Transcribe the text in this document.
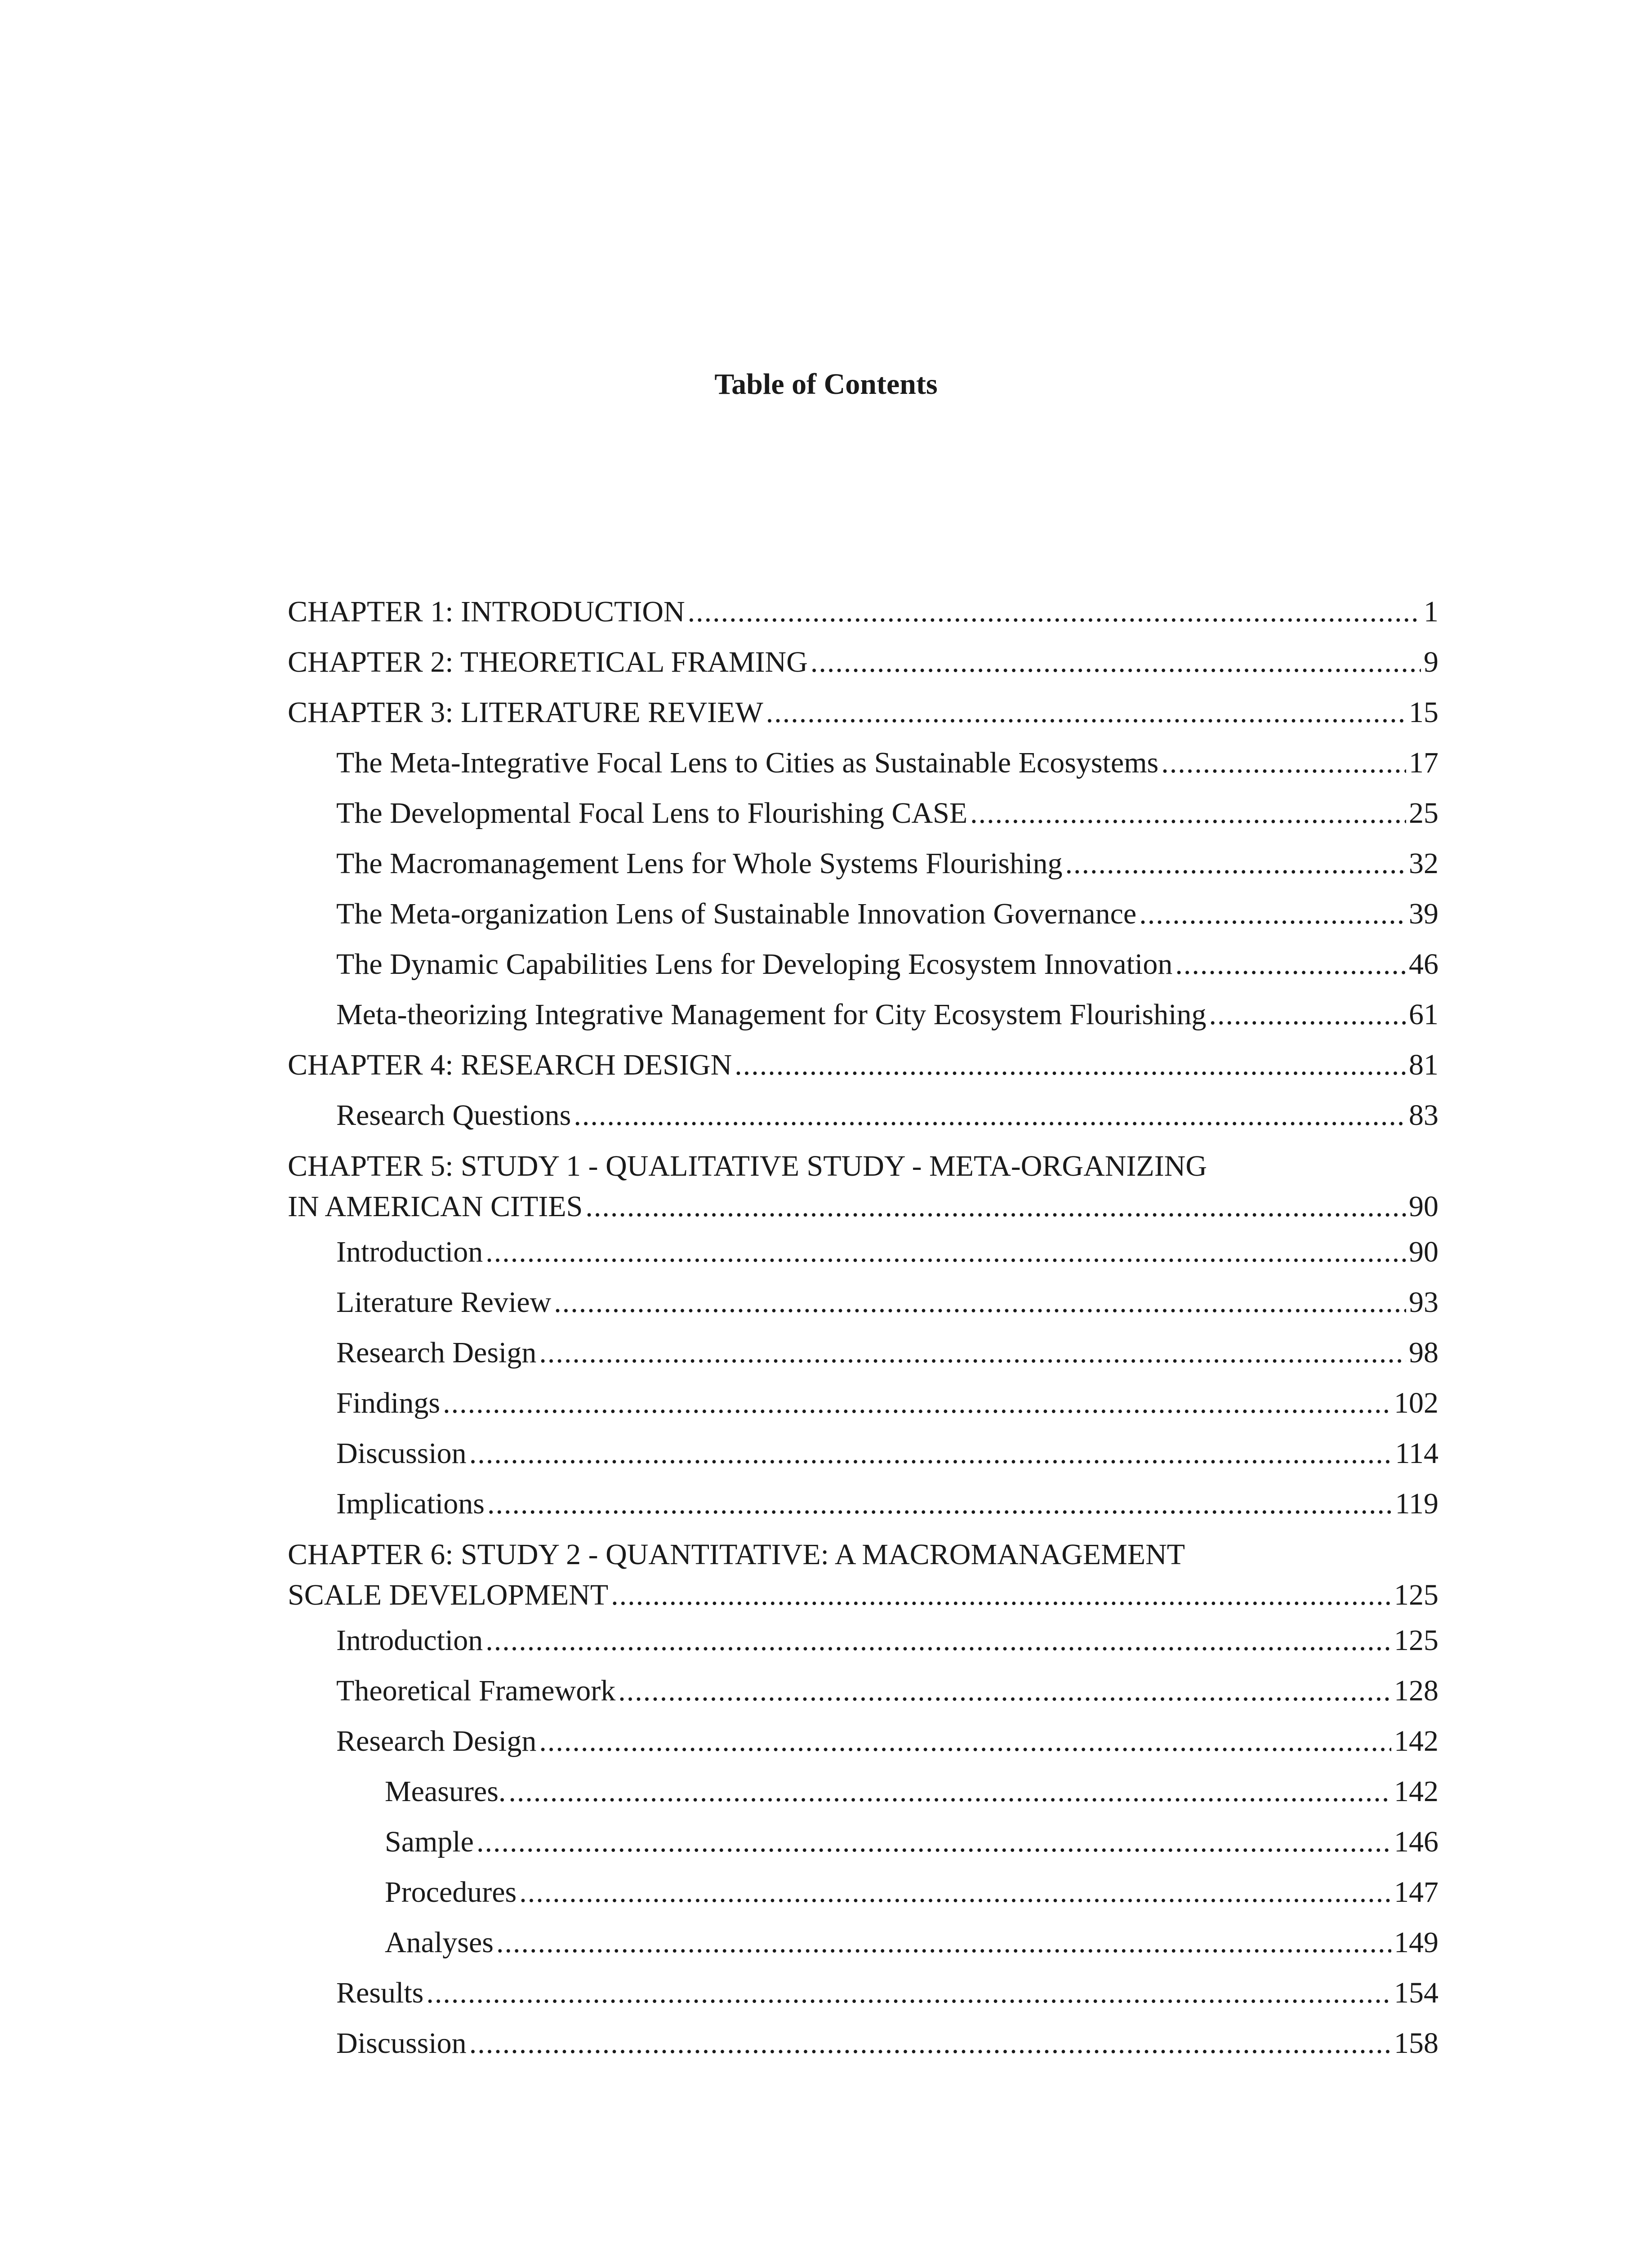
Table of Contents
CHAPTER 1: INTRODUCTION .....	1
CHAPTER 2: THEORETICAL FRAMING .....	9
CHAPTER 3: LITERATURE REVIEW .....	15
The Meta-Integrative Focal Lens to Cities as Sustainable Ecosystems .....	17
The Developmental Focal Lens to Flourishing CASE .....	25
The Macromanagement Lens for Whole Systems Flourishing .....	32
The Meta-organization Lens of Sustainable Innovation Governance .....	39
The Dynamic Capabilities Lens for Developing Ecosystem Innovation .....	46
Meta-theorizing Integrative Management for City Ecosystem Flourishing .....	61
CHAPTER 4: RESEARCH DESIGN .....	81
Research Questions .....	83
CHAPTER 5: STUDY 1 - QUALITATIVE STUDY - META-ORGANIZING
IN AMERICAN CITIES .....	90
Introduction .....	90
Literature Review .....	93
Research Design .....	98
Findings .....	102
Discussion .....	114
Implications .....	119
CHAPTER 6: STUDY 2 - QUANTITATIVE: A MACROMANAGEMENT
SCALE DEVELOPMENT .....	125
Introduction .....	125
Theoretical Framework .....	128
Research Design .....	142
Measures. .....	142
Sample .....	146
Procedures .....	147
Analyses .....	149
Results .....	154
Discussion .....	158
